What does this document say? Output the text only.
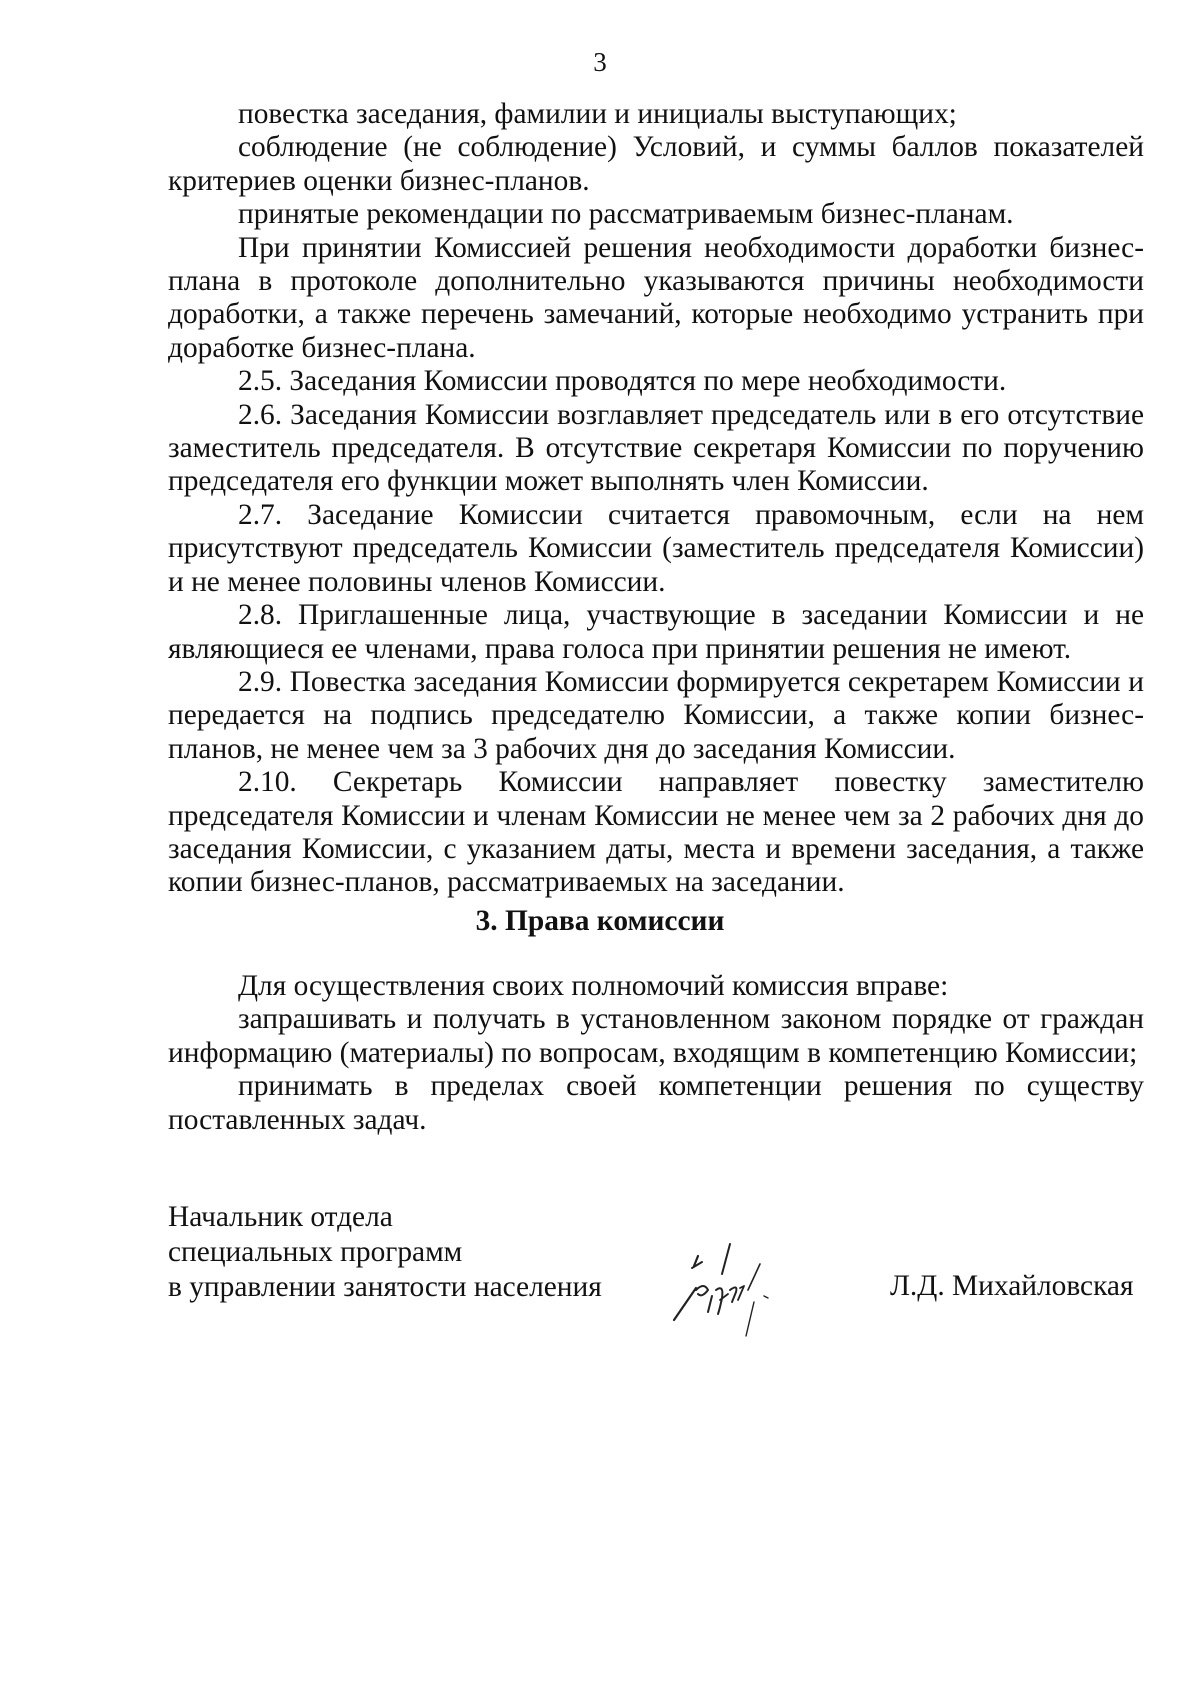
3

повестка заседания, фамилии и инициалы выступающих;

соблюдение (не соблюдение) Условий, и суммы баллов показателей критериев оценки бизнес-планов.

принятые рекомендации по рассматриваемым бизнес-планам.

При принятии Комиссией решения необходимости доработки бизнес-плана в протоколе дополнительно указываются причины необходимости доработки, а также перечень замечаний, которые необходимо устранить при доработке бизнес-плана.

2.5. Заседания Комиссии проводятся по мере необходимости.

2.6. Заседания Комиссии возглавляет председатель или в его отсутствие заместитель председателя. В отсутствие секретаря Комиссии по поручению председателя его функции может выполнять член Комиссии.

2.7. Заседание Комиссии считается правомочным, если на нем присутствуют председатель Комиссии (заместитель председателя Комиссии) и не менее половины членов Комиссии.

2.8. Приглашенные лица, участвующие в заседании Комиссии и не являющиеся ее членами, права голоса при принятии решения не имеют.

2.9. Повестка заседания Комиссии формируется секретарем Комиссии и передается на подпись председателю Комиссии, а также копии бизнес-планов, не менее чем за 3 рабочих дня до заседания Комиссии.

2.10. Секретарь Комиссии направляет повестку заместителю председателя Комиссии и членам Комиссии не менее чем за 2 рабочих дня до заседания Комиссии, с указанием даты, места и времени заседания, а также копии бизнес-планов, рассматриваемых на заседании.

3. Права комиссии

Для осуществления своих полномочий комиссия вправе:

запрашивать и получать в установленном законом порядке от граждан информацию (материалы) по вопросам, входящим в компетенцию Комиссии;

принимать в пределах своей компетенции решения по существу поставленных задач.

Начальник отдела
специальных программ
в управлении занятости населения	Л.Д. Михайловская
